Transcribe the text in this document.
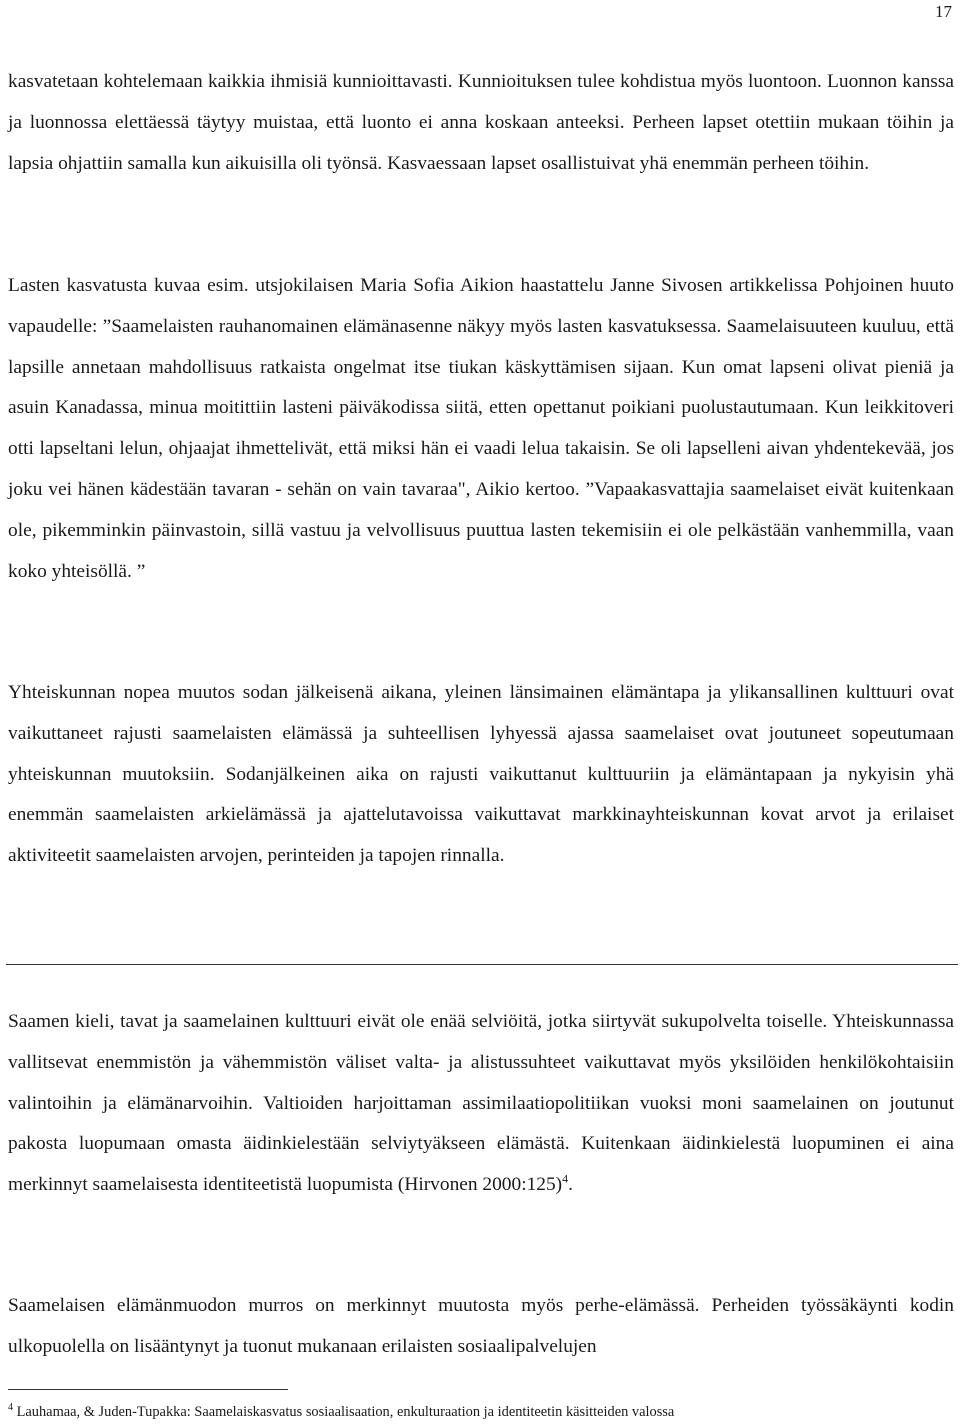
17

kasvatetaan kohtelemaan kaikkia ihmisiä kunnioittavasti. Kunnioituksen tulee kohdistua myös luontoon. Luonnon kanssa ja luonnossa elettäessä täytyy muistaa, että luonto ei anna koskaan anteeksi. Perheen lapset otettiin mukaan töihin ja lapsia ohjattiin samalla kun aikuisilla oli työnsä. Kasvaessaan lapset osallistuivat yhä enemmän perheen töihin.

Lasten kasvatusta kuvaa esim. utsjokilaisen Maria Sofia Aikion haastattelu Janne Sivosen artikkelissa Pohjoinen huuto vapaudelle: ”Saamelaisten rauhanomainen elämänasenne näkyy myös lasten kasvatuksessa. Saamelaisuuteen kuuluu, että lapsille annetaan mahdollisuus ratkaista ongelmat itse tiukan käskyttämisen sijaan. Kun omat lapseni olivat pieniä ja asuin Kanadassa, minua moitittiin lasteni päiväkodissa siitä, etten opettanut poikiani puolustautumaan. Kun leikkitoveri otti lapseltani lelun, ohjaajat ihmettelivät, että miksi hän ei vaadi lelua takaisin. Se oli lapselleni aivan yhdentekevää, jos joku vei hänen kädestään tavaran - sehän on vain tavaraa", Aikio kertoo. ”Vapaakasvattajia saamelaiset eivät kuitenkaan ole, pikemminkin päinvastoin, sillä vastuu ja velvollisuus puuttua lasten tekemisiin ei ole pelkästään vanhemmilla, vaan koko yhteisöllä. ”

Yhteiskunnan nopea muutos sodan jälkeisenä aikana, yleinen länsimainen elämäntapa ja ylikansallinen kulttuuri ovat vaikuttaneet rajusti saamelaisten elämässä ja suhteellisen lyhyessä ajassa saamelaiset ovat joutuneet sopeutumaan yhteiskunnan muutoksiin. Sodanjälkeinen aika on rajusti vaikuttanut kulttuuriin ja elämäntapaan ja nykyisin yhä enemmän saamelaisten arkielämässä ja ajattelutavoissa vaikuttavat markkinayhteiskunnan kovat arvot ja erilaiset aktiviteetit saamelaisten arvojen, perinteiden ja tapojen rinnalla.

Saamen kieli, tavat ja saamelainen kulttuuri eivät ole enää selviöitä, jotka siirtyvät sukupolvelta toiselle. Yhteiskunnassa vallitsevat enemmistön ja vähemmistön väliset valta- ja alistussuhteet vaikuttavat myös yksilöiden henkilökohtaisiin valintoihin ja elämänarvoihin. Valtioiden harjoittaman assimilaatiopolitiikan vuoksi moni saamelainen on joutunut pakosta luopumaan omasta äidinkielestään selviytyäkseen elämästä. Kuitenkaan äidinkielestä luopuminen ei aina merkinnyt saamelaisesta identiteetistä luopumista (Hirvonen 2000:125)$^4$.

Saamelaisen elämänmuodon murros on merkinnyt muutosta myös perhe-elämässä. Perheiden työssäkäynti kodin ulkopuolella on lisääntynyt ja tuonut mukanaan erilaisten sosiaalipalvelujen

$^4$ Lauhamaa, & Juden-Tupakka: Saamelaiskasvatus sosiaalisaation, enkulturaation ja identiteetin käsitteiden valossa
